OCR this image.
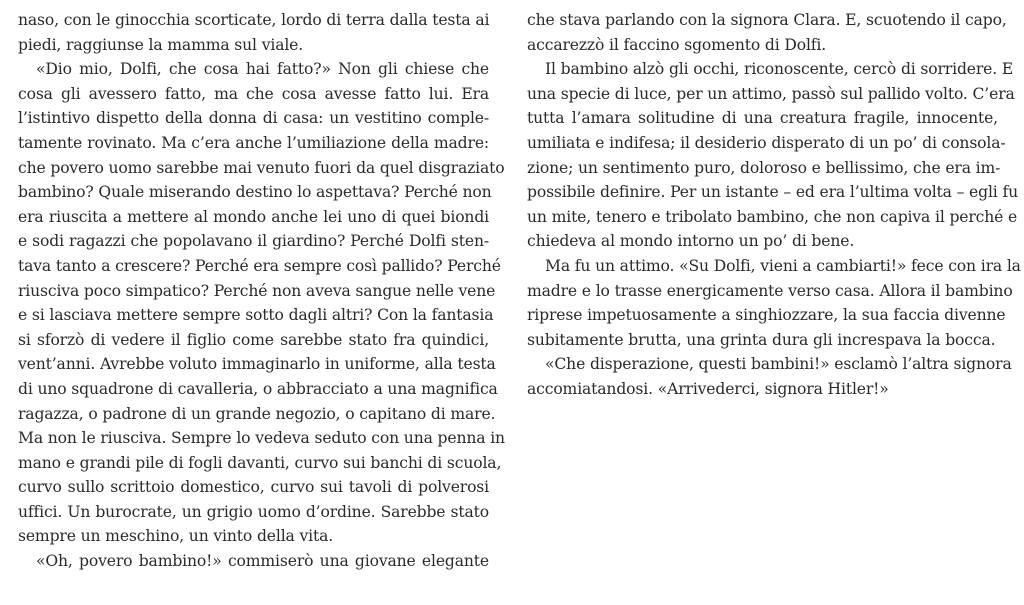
naso, con le ginocchia scorticate, lordo di terra dalla testa ai
piedi, raggiunse la mamma sul viale.
«Dio mio, Dolfi, che cosa hai fatto?» Non gli chiese che
cosa gli avessero fatto, ma che cosa avesse fatto lui. Era
l’istintivo dispetto della donna di casa: un vestitino comple-
tamente rovinato. Ma c’era anche l’umiliazione della madre:
che povero uomo sarebbe mai venuto fuori da quel disgraziato
bambino? Quale miserando destino lo aspettava? Perché non
era riuscita a mettere al mondo anche lei uno di quei biondi
e sodi ragazzi che popolavano il giardino? Perché Dolfi sten-
tava tanto a crescere? Perché era sempre così pallido? Perché
riusciva poco simpatico? Perché non aveva sangue nelle vene
e si lasciava mettere sempre sotto dagli altri? Con la fantasia
si sforzò di vedere il figlio come sarebbe stato fra quindici,
vent’anni. Avrebbe voluto immaginarlo in uniforme, alla testa
di uno squadrone di cavalleria, o abbracciato a una magnifica
ragazza, o padrone di un grande negozio, o capitano di mare.
Ma non le riusciva. Sempre lo vedeva seduto con una penna in
mano e grandi pile di fogli davanti, curvo sui banchi di scuola,
curvo sullo scrittoio domestico, curvo sui tavoli di polverosi
uffici. Un burocrate, un grigio uomo d’ordine. Sarebbe stato
sempre un meschino, un vinto della vita.
«Oh, povero bambino!» commiserò una giovane elegante
che stava parlando con la signora Clara. E, scuotendo il capo,
accarezzò il faccino sgomento di Dolfi.
Il bambino alzò gli occhi, riconoscente, cercò di sorridere. E
una specie di luce, per un attimo, passò sul pallido volto. C’era
tutta l’amara solitudine di una creatura fragile, innocente,
umiliata e indifesa; il desiderio disperato di un po’ di consola-
zione; un sentimento puro, doloroso e bellissimo, che era im-
possibile definire. Per un istante – ed era l’ultima volta – egli fu
un mite, tenero e tribolato bambino, che non capiva il perché e
chiedeva al mondo intorno un po’ di bene.
Ma fu un attimo. «Su Dolfi, vieni a cambiarti!» fece con ira la
madre e lo trasse energicamente verso casa. Allora il bambino
riprese impetuosamente a singhiozzare, la sua faccia divenne
subitamente brutta, una grinta dura gli increspava la bocca.
«Che disperazione, questi bambini!» esclamò l’altra signora
accomiatandosi. «Arrivederci, signora Hitler!»
